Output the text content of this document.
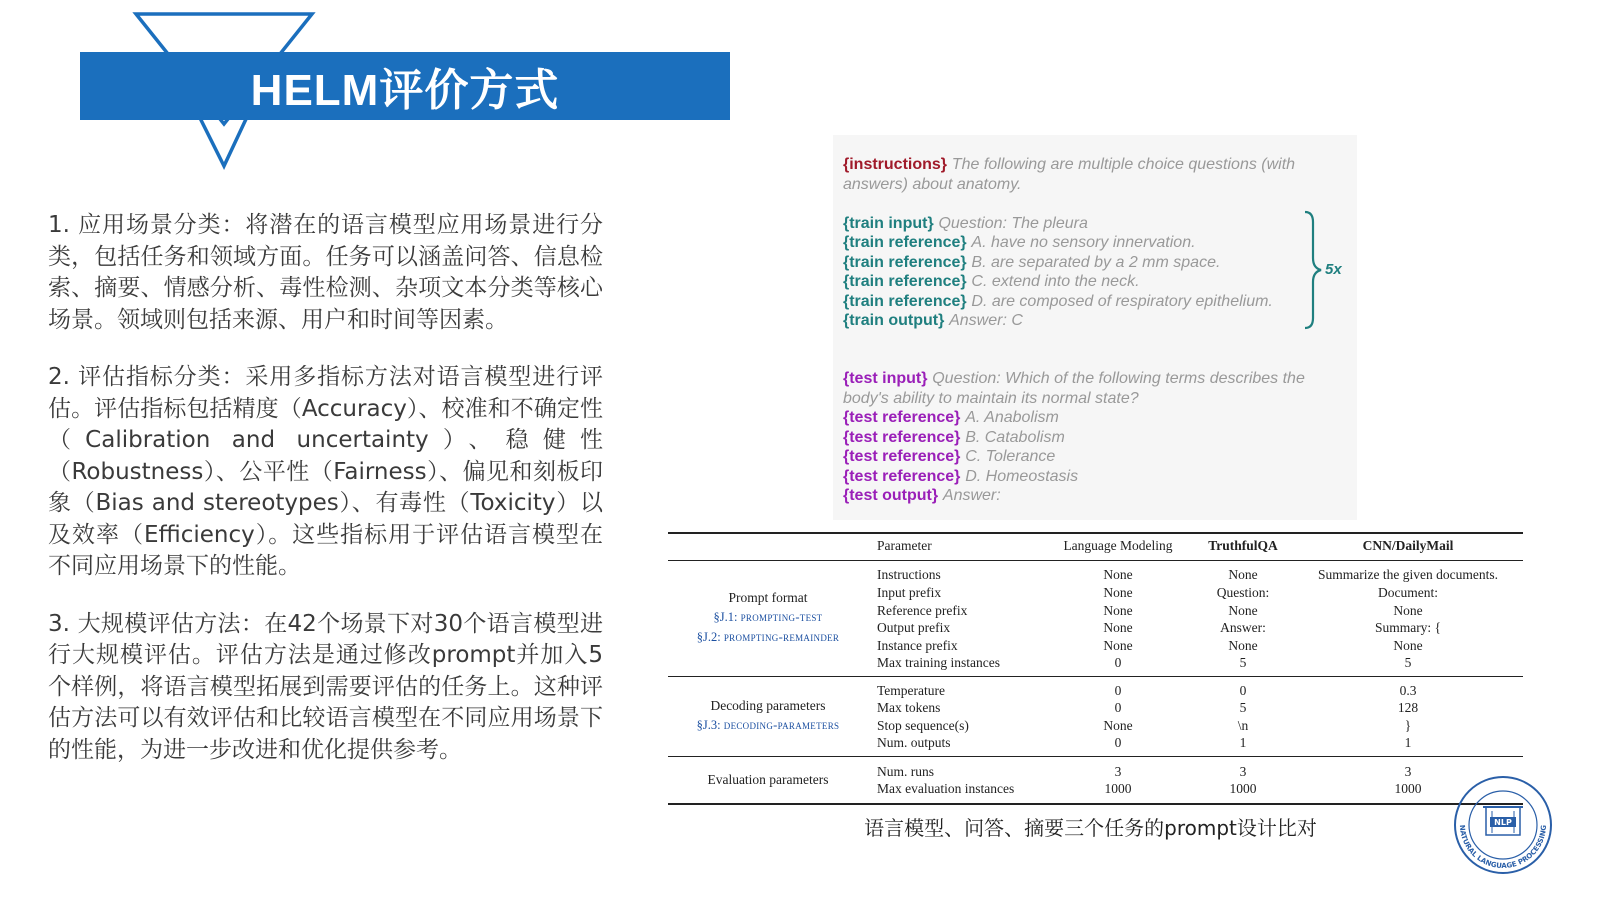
HELM评价方式

1. 应用场景分类：将潜在的语言模型应用场景进行分类，包括任务和领域方面。任务可以涵盖问答、信息检索、摘要、情感分析、毒性检测、杂项文本分类等核心场景。领域则包括来源、用户和时间等因素。

2. 评估指标分类：采用多指标方法对语言模型进行评估。评估指标包括精度（Accuracy）、校准和不确定性（Calibration and uncertainty）、稳健性（Robustness）、公平性（Fairness）、偏见和刻板印象（Bias and stereotypes）、有毒性（Toxicity）以及效率（Efficiency）。这些指标用于评估语言模型在不同应用场景下的性能。

3. 大规模评估方法：在42个场景下对30个语言模型进行大规模评估。评估方法是通过修改prompt并加入5个样例，将语言模型拓展到需要评估的任务上。这种评估方法可以有效评估和比较语言模型在不同应用场景下的性能，为进一步改进和优化提供参考。

{instructions} The following are multiple choice questions (with
answers) about anatomy.
{train input} Question: The pleura
{train reference} A. have no sensory innervation.
{train reference} B. are separated by a 2 mm space.
{train reference} C. extend into the neck.
{train reference} D. are composed of respiratory epithelium.
{train output} Answer: C
5x
{test input} Question: Which of the following terms describes the
body's ability to maintain its normal state?
{test reference} A. Anabolism
{test reference} B. Catabolism
{test reference} C. Tolerance
{test reference} D. Homeostasis
{test output} Answer:
Parameter	Language Modeling	TruthfulQA	CNN/DailyMail
Prompt format
§J.1: prompting-test
§J.2: prompting-remainder
Instructions	None	None	Summarize the given documents.
Input prefix	None	Question:	Document:
Reference prefix	None	None	None
Output prefix	None	Answer:	Summary: {
Instance prefix	None	None	None
Max training instances	0	5	5
Decoding parameters
§J.3: decoding-parameters
Temperature	0	0	0.3
Max tokens	0	5	128
Stop sequence(s)	None	\n	}
Num. outputs	0	1	1
Evaluation parameters
Num. runs	3	3	3
Max evaluation instances	1000	1000	1000
语言模型、问答、摘要三个任务的prompt设计比对	NLP
NATURAL LANGUAGE PROCESSING
